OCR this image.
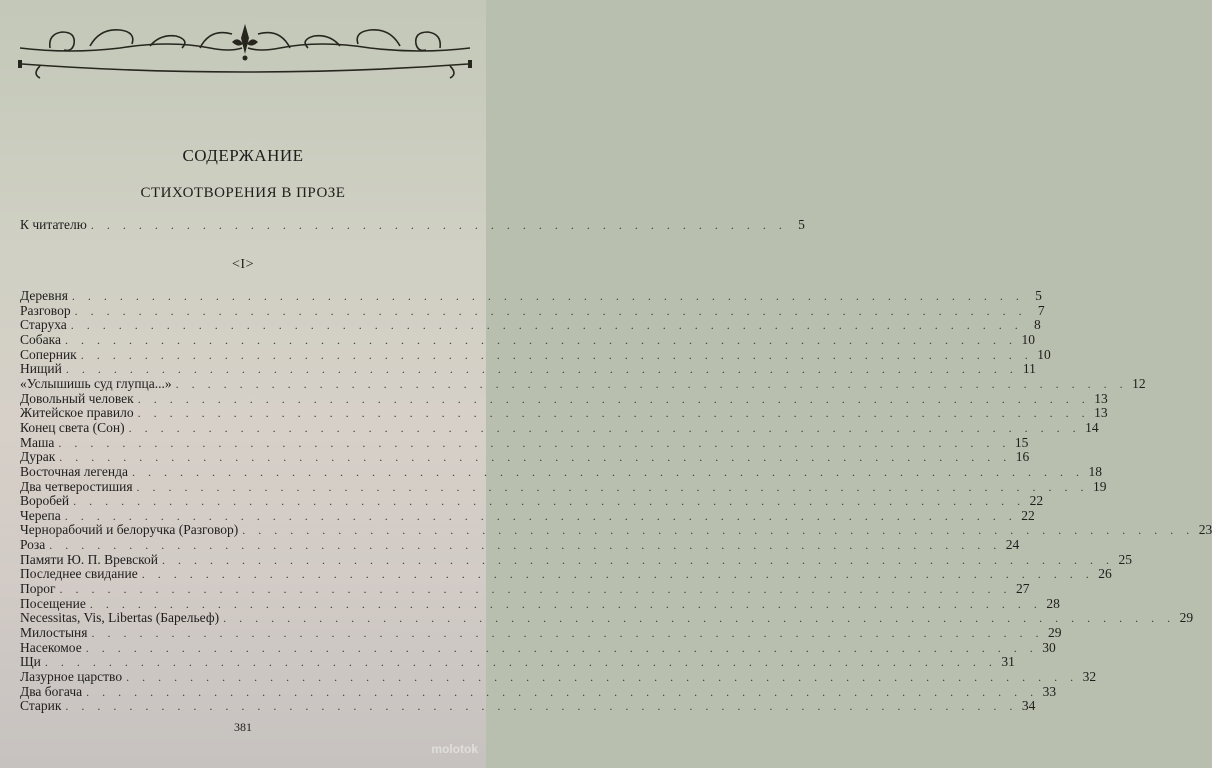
СОДЕРЖАНИЕ
СТИХОТВОРЕНИЯ В ПРОЗЕ
К читателю . . . . . . . . . . . . . . . . . . . . . . . . . . . . . . . . . . . . . . . . . . . . 5
<I>
Деревня . . . . . . . . . . . . . . . . . . . . . . . . . . . . . . . . . . . . . . . . . . . . . . . . . . . . . . . . . . . . 5
Разговор . . . . . . . . . . . . . . . . . . . . . . . . . . . . . . . . . . . . . . . . . . . . . . . . . . . . . . . . . . . . 7
Старуха . . . . . . . . . . . . . . . . . . . . . . . . . . . . . . . . . . . . . . . . . . . . . . . . . . . . . . . . . . . . 8
Собака . . . . . . . . . . . . . . . . . . . . . . . . . . . . . . . . . . . . . . . . . . . . . . . . . . . . . . . . . . . . 10
Соперник . . . . . . . . . . . . . . . . . . . . . . . . . . . . . . . . . . . . . . . . . . . . . . . . . . . . . . . . . . . . 10
Нищий . . . . . . . . . . . . . . . . . . . . . . . . . . . . . . . . . . . . . . . . . . . . . . . . . . . . . . . . . . . . 11
«Услышишь суд глупца...» . . . . . . . . . . . . . . . . . . . . . . . . . . . . . . . . . . . . . . . . . . . . . . . . . . . . . . . . . . . . 12
Довольный человек . . . . . . . . . . . . . . . . . . . . . . . . . . . . . . . . . . . . . . . . . . . . . . . . . . . . . . . . . . . . 13
Житейское правило . . . . . . . . . . . . . . . . . . . . . . . . . . . . . . . . . . . . . . . . . . . . . . . . . . . . . . . . . . . . 13
Конец света (Сон) . . . . . . . . . . . . . . . . . . . . . . . . . . . . . . . . . . . . . . . . . . . . . . . . . . . . . . . . . . . . 14
Маша . . . . . . . . . . . . . . . . . . . . . . . . . . . . . . . . . . . . . . . . . . . . . . . . . . . . . . . . . . . . 15
Дурак . . . . . . . . . . . . . . . . . . . . . . . . . . . . . . . . . . . . . . . . . . . . . . . . . . . . . . . . . . . . 16
Восточная легенда . . . . . . . . . . . . . . . . . . . . . . . . . . . . . . . . . . . . . . . . . . . . . . . . . . . . . . . . . . . . 18
Два четверостишия . . . . . . . . . . . . . . . . . . . . . . . . . . . . . . . . . . . . . . . . . . . . . . . . . . . . . . . . . . . . 19
Воробей . . . . . . . . . . . . . . . . . . . . . . . . . . . . . . . . . . . . . . . . . . . . . . . . . . . . . . . . . . . . 22
Черепа . . . . . . . . . . . . . . . . . . . . . . . . . . . . . . . . . . . . . . . . . . . . . . . . . . . . . . . . . . . . 22
Чернорабочий и белоручка (Разговор) . . . . . . . . . . . . . . . . . . . . . . . . . . . . . . . . . . . . . . . . . . . . . . . . . . . . . . . . . . . . 23
Роза . . . . . . . . . . . . . . . . . . . . . . . . . . . . . . . . . . . . . . . . . . . . . . . . . . . . . . . . . . . . 24
Памяти Ю. П. Вревской . . . . . . . . . . . . . . . . . . . . . . . . . . . . . . . . . . . . . . . . . . . . . . . . . . . . . . . . . . . . 25
Последнее свидание . . . . . . . . . . . . . . . . . . . . . . . . . . . . . . . . . . . . . . . . . . . . . . . . . . . . . . . . . . . . 26
Порог . . . . . . . . . . . . . . . . . . . . . . . . . . . . . . . . . . . . . . . . . . . . . . . . . . . . . . . . . . . . 27
Посещение . . . . . . . . . . . . . . . . . . . . . . . . . . . . . . . . . . . . . . . . . . . . . . . . . . . . . . . . . . . . 28
Necessitas, Vis, Libertas (Барельеф) . . . . . . . . . . . . . . . . . . . . . . . . . . . . . . . . . . . . . . . . . . . . . . . . . . . . . . . . . . . . 29
Милостыня . . . . . . . . . . . . . . . . . . . . . . . . . . . . . . . . . . . . . . . . . . . . . . . . . . . . . . . . . . . . 29
Насекомое . . . . . . . . . . . . . . . . . . . . . . . . . . . . . . . . . . . . . . . . . . . . . . . . . . . . . . . . . . . . 30
Щи . . . . . . . . . . . . . . . . . . . . . . . . . . . . . . . . . . . . . . . . . . . . . . . . . . . . . . . . . . . . 31
Лазурное царство . . . . . . . . . . . . . . . . . . . . . . . . . . . . . . . . . . . . . . . . . . . . . . . . . . . . . . . . . . . . 32
Два богача . . . . . . . . . . . . . . . . . . . . . . . . . . . . . . . . . . . . . . . . . . . . . . . . . . . . . . . . . . . . 33
Старик . . . . . . . . . . . . . . . . . . . . . . . . . . . . . . . . . . . . . . . . . . . . . . . . . . . . . . . . . . . . 34
381
molotok
